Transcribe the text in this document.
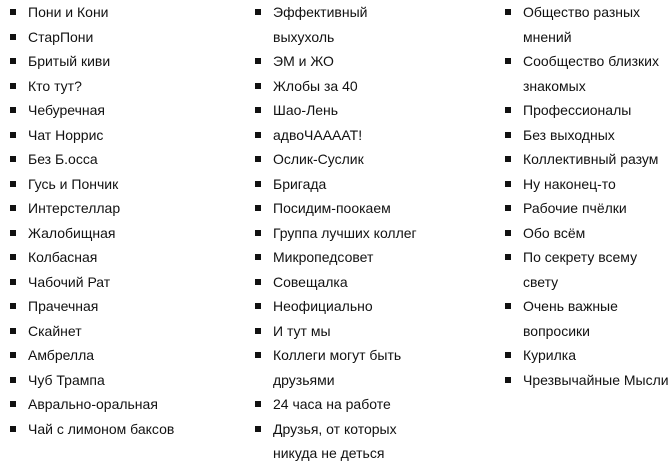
Пони и Кони
СтарПони
Бритый киви
Кто тут?
Чебуречная
Чат Норрис
Без Б.осса
Гусь и Пончик
Интерстеллар
Жалобищная
Колбасная
Чабочий Рат
Прачечная
Скайнет
Амбрелла
Чуб Трампа
Аврально-оральная
Чай с лимоном баксов
Эффективный
выхухоль
ЭМ и ЖО
Жлобы за 40
Шао-Лень
адвоЧАААAT!
Ослик-Суслик
Бригада
Посидим-поокаем
Группа лучших коллег
Микропедсовет
Совещалка
Неофициально
И тут мы
Коллеги могут быть
друзьями
24 часа на работе
Друзья, от которых
никуда не деться
Общество разных
мнений
Сообщество близких
знакомых
Профессионалы
Без выходных
Коллективный разум
Ну наконец-то
Рабочие пчёлки
Обо всём
По секрету всему
свету
Очень важные
вопросики
Курилка
Чрезвычайные Мысли
